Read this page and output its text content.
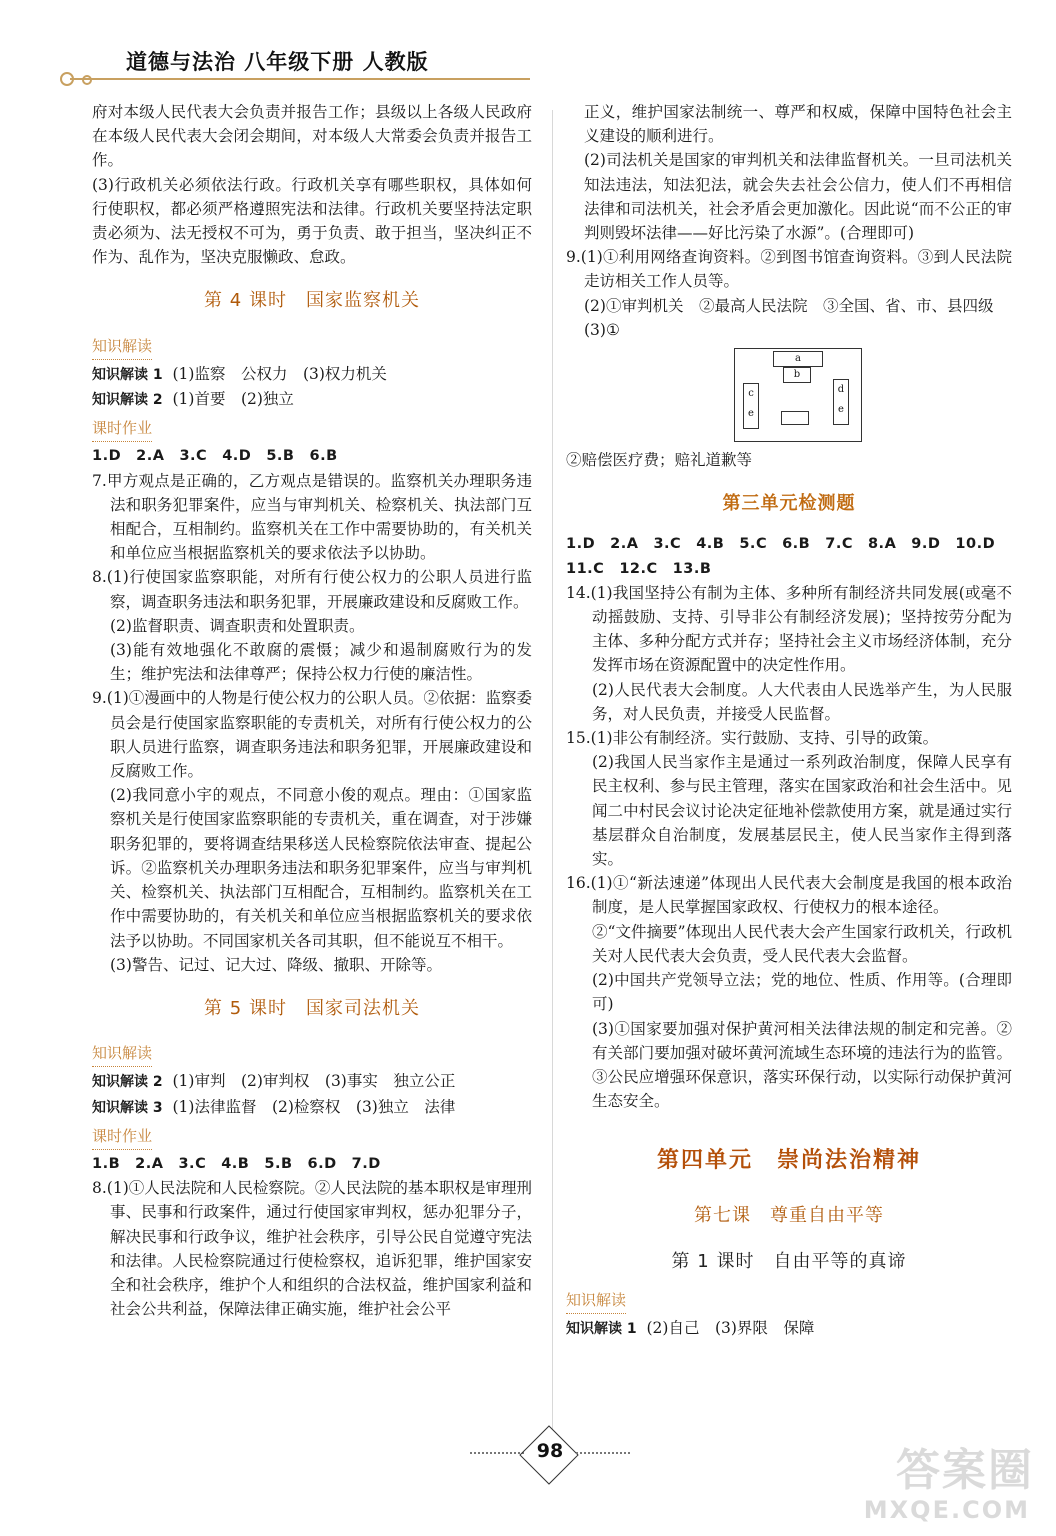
道德与法治 八年级下册 人教版

府对本级人民代表大会负责并报告工作；县级以上各级人民政府在本级人民代表大会闭会期间，对本级人大常委会负责并报告工作。

(3)行政机关必须依法行政。行政机关享有哪些职权，具体如何行使职权，都必须严格遵照宪法和法律。行政机关要坚持法定职责必须为、法无授权不可为，勇于负责、敢于担当，坚决纠正不作为、乱作为，坚决克服懒政、怠政。

第 4 课时　国家监察机关
知识解读

知识解读 1 (1)监察　公权力　(3)权力机关

知识解读 2 (1)首要　(2)独立

课时作业

1.D　2.A　3.C　4.D　5.B　6.B

7.甲方观点是正确的，乙方观点是错误的。监察机关办理职务违法和职务犯罪案件，应当与审判机关、检察机关、执法部门互相配合，互相制约。监察机关在工作中需要协助的，有关机关和单位应当根据监察机关的要求依法予以协助。

8.(1)行使国家监察职能，对所有行使公权力的公职人员进行监察，调查职务违法和职务犯罪，开展廉政建设和反腐败工作。

(2)监督职责、调查职责和处置职责。

(3)能有效地强化不敢腐的震慑；减少和遏制腐败行为的发生；维护宪法和法律尊严；保持公权力行使的廉洁性。

9.(1)①漫画中的人物是行使公权力的公职人员。②依据：监察委员会是行使国家监察职能的专责机关，对所有行使公权力的公职人员进行监察，调查职务违法和职务犯罪，开展廉政建设和反腐败工作。

(2)我同意小宇的观点，不同意小俊的观点。理由：①国家监察机关是行使国家监察职能的专责机关，重在调查，对于涉嫌职务犯罪的，要将调查结果移送人民检察院依法审查、提起公诉。②监察机关办理职务违法和职务犯罪案件，应当与审判机关、检察机关、执法部门互相配合，互相制约。监察机关在工作中需要协助的，有关机关和单位应当根据监察机关的要求依法予以协助。不同国家机关各司其职，但不能说互不相干。

(3)警告、记过、记大过、降级、撤职、开除等。

第 5 课时　国家司法机关
知识解读

知识解读 2 (1)审判　(2)审判权　(3)事实　独立公正

知识解读 3 (1)法律监督　(2)检察权　(3)独立　法律

课时作业

1.B　2.A　3.C　4.B　5.B　6.D　7.D

8.(1)①人民法院和人民检察院。②人民法院的基本职权是审理刑事、民事和行政案件，通过行使国家审判权，惩办犯罪分子，解决民事和行政争议，维护社会秩序，引导公民自觉遵守宪法和法律。人民检察院通过行使检察权，追诉犯罪，维护国家安全和社会秩序，维护个人和组织的合法权益，维护国家利益和社会公共利益，保障法律正确实施，维护社会公平

正义，维护国家法制统一、尊严和权威，保障中国特色社会主义建设的顺利进行。

(2)司法机关是国家的审判机关和法律监督机关。一旦司法机关知法违法，知法犯法，就会失去社会公信力，使人们不再相信法律和司法机关，社会矛盾会更加激化。因此说“而不公正的审判则毁坏法律——好比污染了水源”。(合理即可)

9.(1)①利用网络查询资料。②到图书馆查询资料。③到人民法院走访相关工作人员等。

(2)①审判机关　②最高人民法院　③全国、省、市、县四级

(3)①

a
b
c
e
d
e

②赔偿医疗费；赔礼道歉等

第三单元检测题

1.D　2.A　3.C　4.B　5.C　6.B　7.C　8.A　9.D　10.D

11.C　12.C　13.B

14.(1)我国坚持公有制为主体、多种所有制经济共同发展(或毫不动摇鼓励、支持、引导非公有制经济发展)；坚持按劳分配为主体、多种分配方式并存；坚持社会主义市场经济体制，充分发挥市场在资源配置中的决定性作用。

(2)人民代表大会制度。人大代表由人民选举产生，为人民服务，对人民负责，并接受人民监督。

15.(1)非公有制经济。实行鼓励、支持、引导的政策。

(2)我国人民当家作主是通过一系列政治制度，保障人民享有民主权利、参与民主管理，落实在国家政治和社会生活中。见闻二中村民会议讨论决定征地补偿款使用方案，就是通过实行基层群众自治制度，发展基层民主，使人民当家作主得到落实。

16.(1)①“新法速递”体现出人民代表大会制度是我国的根本政治制度，是人民掌握国家政权、行使权力的根本途径。

②“文件摘要”体现出人民代表大会产生国家行政机关，行政机关对人民代表大会负责，受人民代表大会监督。

(2)中国共产党领导立法；党的地位、性质、作用等。(合理即可)

(3)①国家要加强对保护黄河相关法律法规的制定和完善。②有关部门要加强对破坏黄河流域生态环境的违法行为的监管。③公民应增强环保意识，落实环保行动，以实际行动保护黄河生态安全。

第四单元　崇尚法治精神
第七课　尊重自由平等
第 1 课时　自由平等的真谛
知识解读

知识解读 1 (2)自己　(3)界限　保障

98	答案圈
MXQE.COM
